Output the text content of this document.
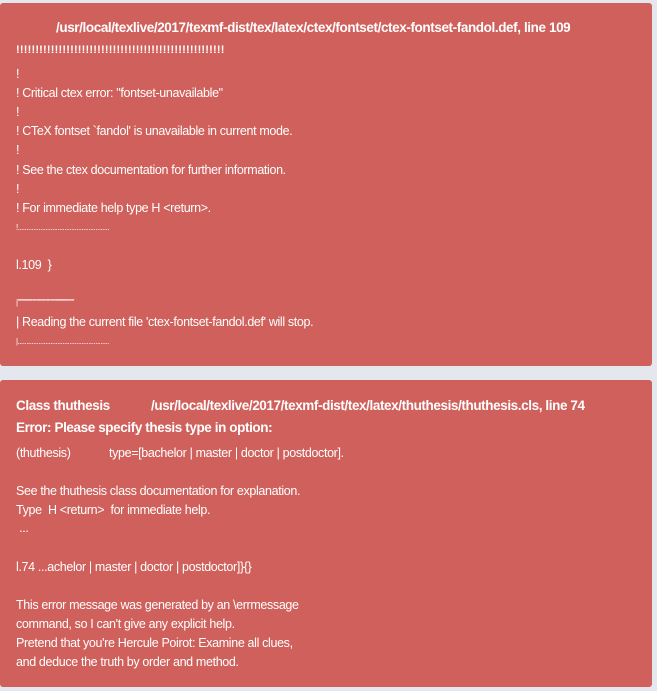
/usr/local/texlive/2017/texmf-dist/tex/latex/ctex/fontset/ctex-fontset-fandol.def, line 109
!!!!!!!!!!!!!!!!!!!!!!!!!!!!!!!!!!!!!!!!!!!!!!!!!!!!!!
!
! Critical ctex error: "fontset-unavailable"
!
! CTeX fontset `fandol' is unavailable in current mode.
!
! See the ctex documentation for further information.
!
! For immediate help type H <return>.
!.....................................................
l.109  }
|'''''''''''''''''''''''''''''''''''''''''''''''''''''''
| Reading the current file 'ctex-fontset-fandol.def' will stop.
|.....................................................
Class thuthesis	/usr/local/texlive/2017/texmf-dist/tex/latex/thuthesis/thuthesis.cls, line 74
Error: Please specify thesis type in option:
(thuthesis)	type=[bachelor | master | doctor | postdoctor].
See the thuthesis class documentation for explanation.
Type  H <return>  for immediate help.
...
l.74 ...achelor | master | doctor | postdoctor]}{}
This error message was generated by an \errmessage
command, so I can't give any explicit help.
Pretend that you're Hercule Poirot: Examine all clues,
and deduce the truth by order and method.
